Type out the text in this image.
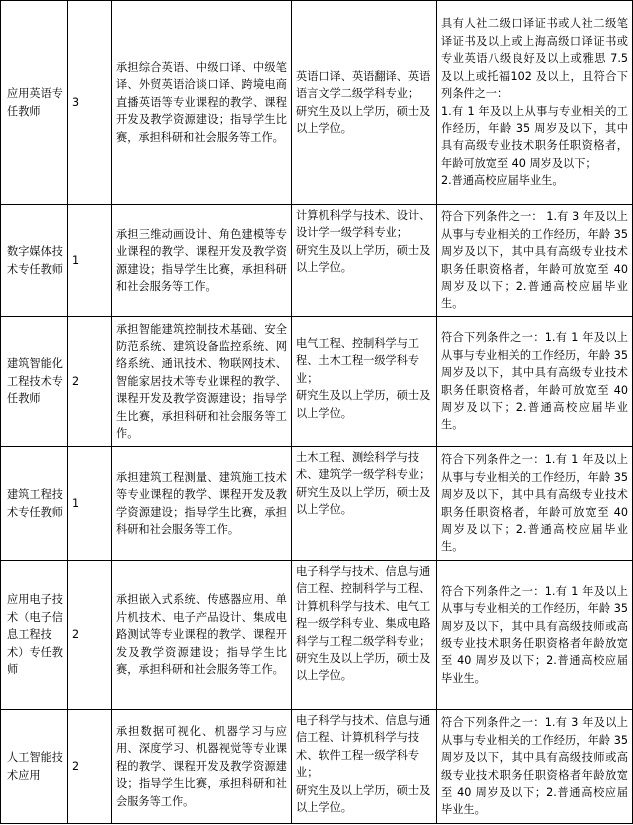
应用英语专任教师	3	承担综合英语、中级口译、中级笔译、外贸英语洽谈口译、跨境电商直播英语等专业课程的教学、课程开发及教学资源建设；指导学生比赛，承担科研和社会服务等工作。	英语口译、英语翻译、英语语言文学二级学科专业；
研究生及以上学历，硕士及以上学位。	具有人社二级口译证书或人社二级笔译证书及以上或上海高级口译证书或专业英语八级良好及以上或雅思 7.5 及以上或托福102 及以上，且符合下列条件之一：
1.有 1 年及以上从事与专业相关的工作经历，年龄 35 周岁及以下，其中具有高级专业技术职务任职资格者，年龄可放宽至 40 周岁及以下；
2.普通高校应届毕业生。

数字媒体技术专任教师	1	承担三维动画设计、角色建模等专业课程的教学、课程开发及教学资源建设；指导学生比赛，承担科研和社会服务等工作。	计算机科学与技术、设计、设计学一级学科专业；
研究生及以上学历，硕士及以上学位。	符合下列条件之一： 1.有 3 年及以上从事与专业相关的工作经历，年龄 35 周岁及以下，其中具有高级专业技术职务任职资格者，年龄可放宽至 40 周岁及以下；2.普通高校应届毕业生。

建筑智能化工程技术专任教师	2	承担智能建筑控制技术基础、安全防范系统、建筑设备监控系统、网络系统、通讯技术、物联网技术、智能家居技术等专业课程的教学、课程开发及教学资源建设；指导学生比赛，承担科研和社会服务等工作。	电气工程、控制科学与工程、土木工程一级学科专业；
研究生及以上学历，硕士及以上学位。	符合下列条件之一：1.有 1 年及以上从事与专业相关的工作经历，年龄 35 周岁及以下，其中具有高级专业技术职务任职资格者，年龄可放宽至 40 周岁及以下；2.普通高校应届毕业生。

建筑工程技术专任教师	1	承担建筑工程测量、建筑施工技术等专业课程的教学、课程开发及教学资源建设；指导学生比赛，承担科研和社会服务等工作。	土木工程、测绘科学与技术、建筑学一级学科专业；
研究生及以上学历，硕士及以上学位。	符合下列条件之一：1.有 1 年及以上从事与专业相关的工作经历，年龄 35 周岁及以下，其中具有高级专业技术职务任职资格者，年龄可放宽至 40 周岁及以下；2.普通高校应届毕业生。

应用电子技术（电子信息工程技术）专任教师	2	承担嵌入式系统、传感器应用、单片机技术、电子产品设计、集成电路测试等专业课程的教学、课程开发及教学资源建设；指导学生比赛，承担科研和社会服务等工作。	电子科学与技术、信息与通信工程、控制科学与工程、计算机科学与技术、电气工程一级学科专业、集成电路科学与工程二级学科专业；
研究生及以上学历，硕士及以上学位。	符合下列条件之一：1.有 1 年及以上从事与专业相关的工作经历，年龄 35 周岁及以下，其中具有高级技师或高级专业技术职务任职资格者年龄放宽至 40 周岁及以下；2.普通高校应届毕业生。

人工智能技术应用	2	承担数据可视化、机器学习与应用、深度学习、机器视觉等专业课程的教学、课程开发及教学资源建设；指导学生比赛，承担科研和社会服务等工作。	电子科学与技术、信息与通信工程、计算机科学与技术、软件工程一级学科专业；
研究生及以上学历，硕士及以上学位。	符合下列条件之一：1.有 3 年及以上从事与专业相关的工作经历，年龄 35 周岁及以下，其中具有高级技师或高级专业技术职务任职资格者年龄放宽至 40 周岁及以下；2.普通高校应届毕业生。
